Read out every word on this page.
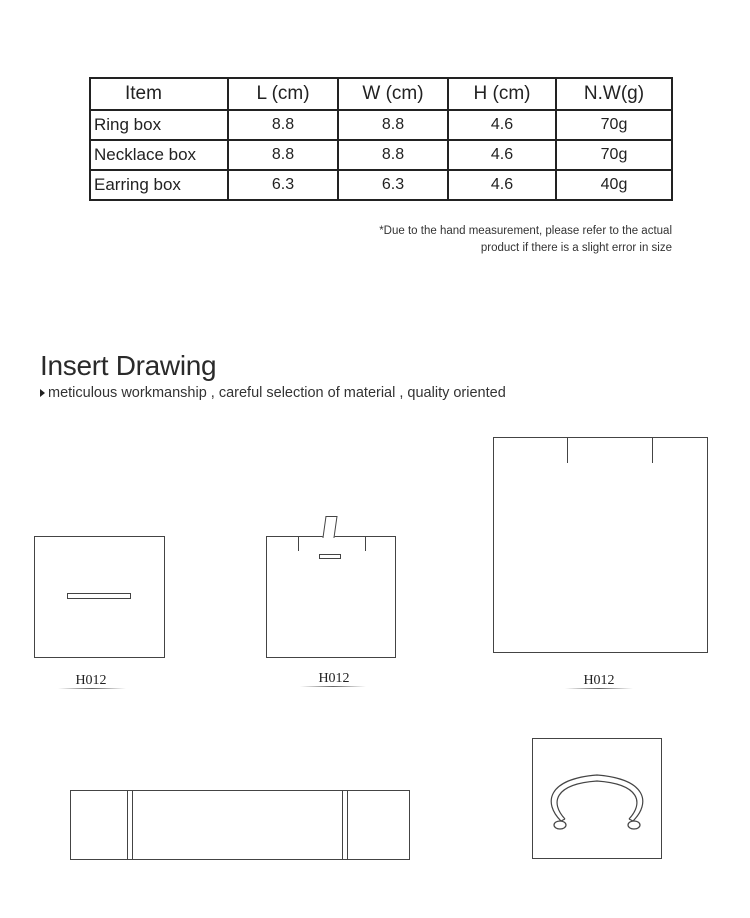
Item	L (cm)	W (cm)	H (cm)	N.W(g)
Ring box	8.8	8.8	4.6	70g
Necklace box	8.8	8.8	4.6	70g
Earring box	6.3	6.3	4.6	40g
*Due to the hand measurement, please refer to the actual
product if there is a slight error in size
Insert Drawing
meticulous workmanship , careful selection of material , quality oriented
H012	H012	H012
